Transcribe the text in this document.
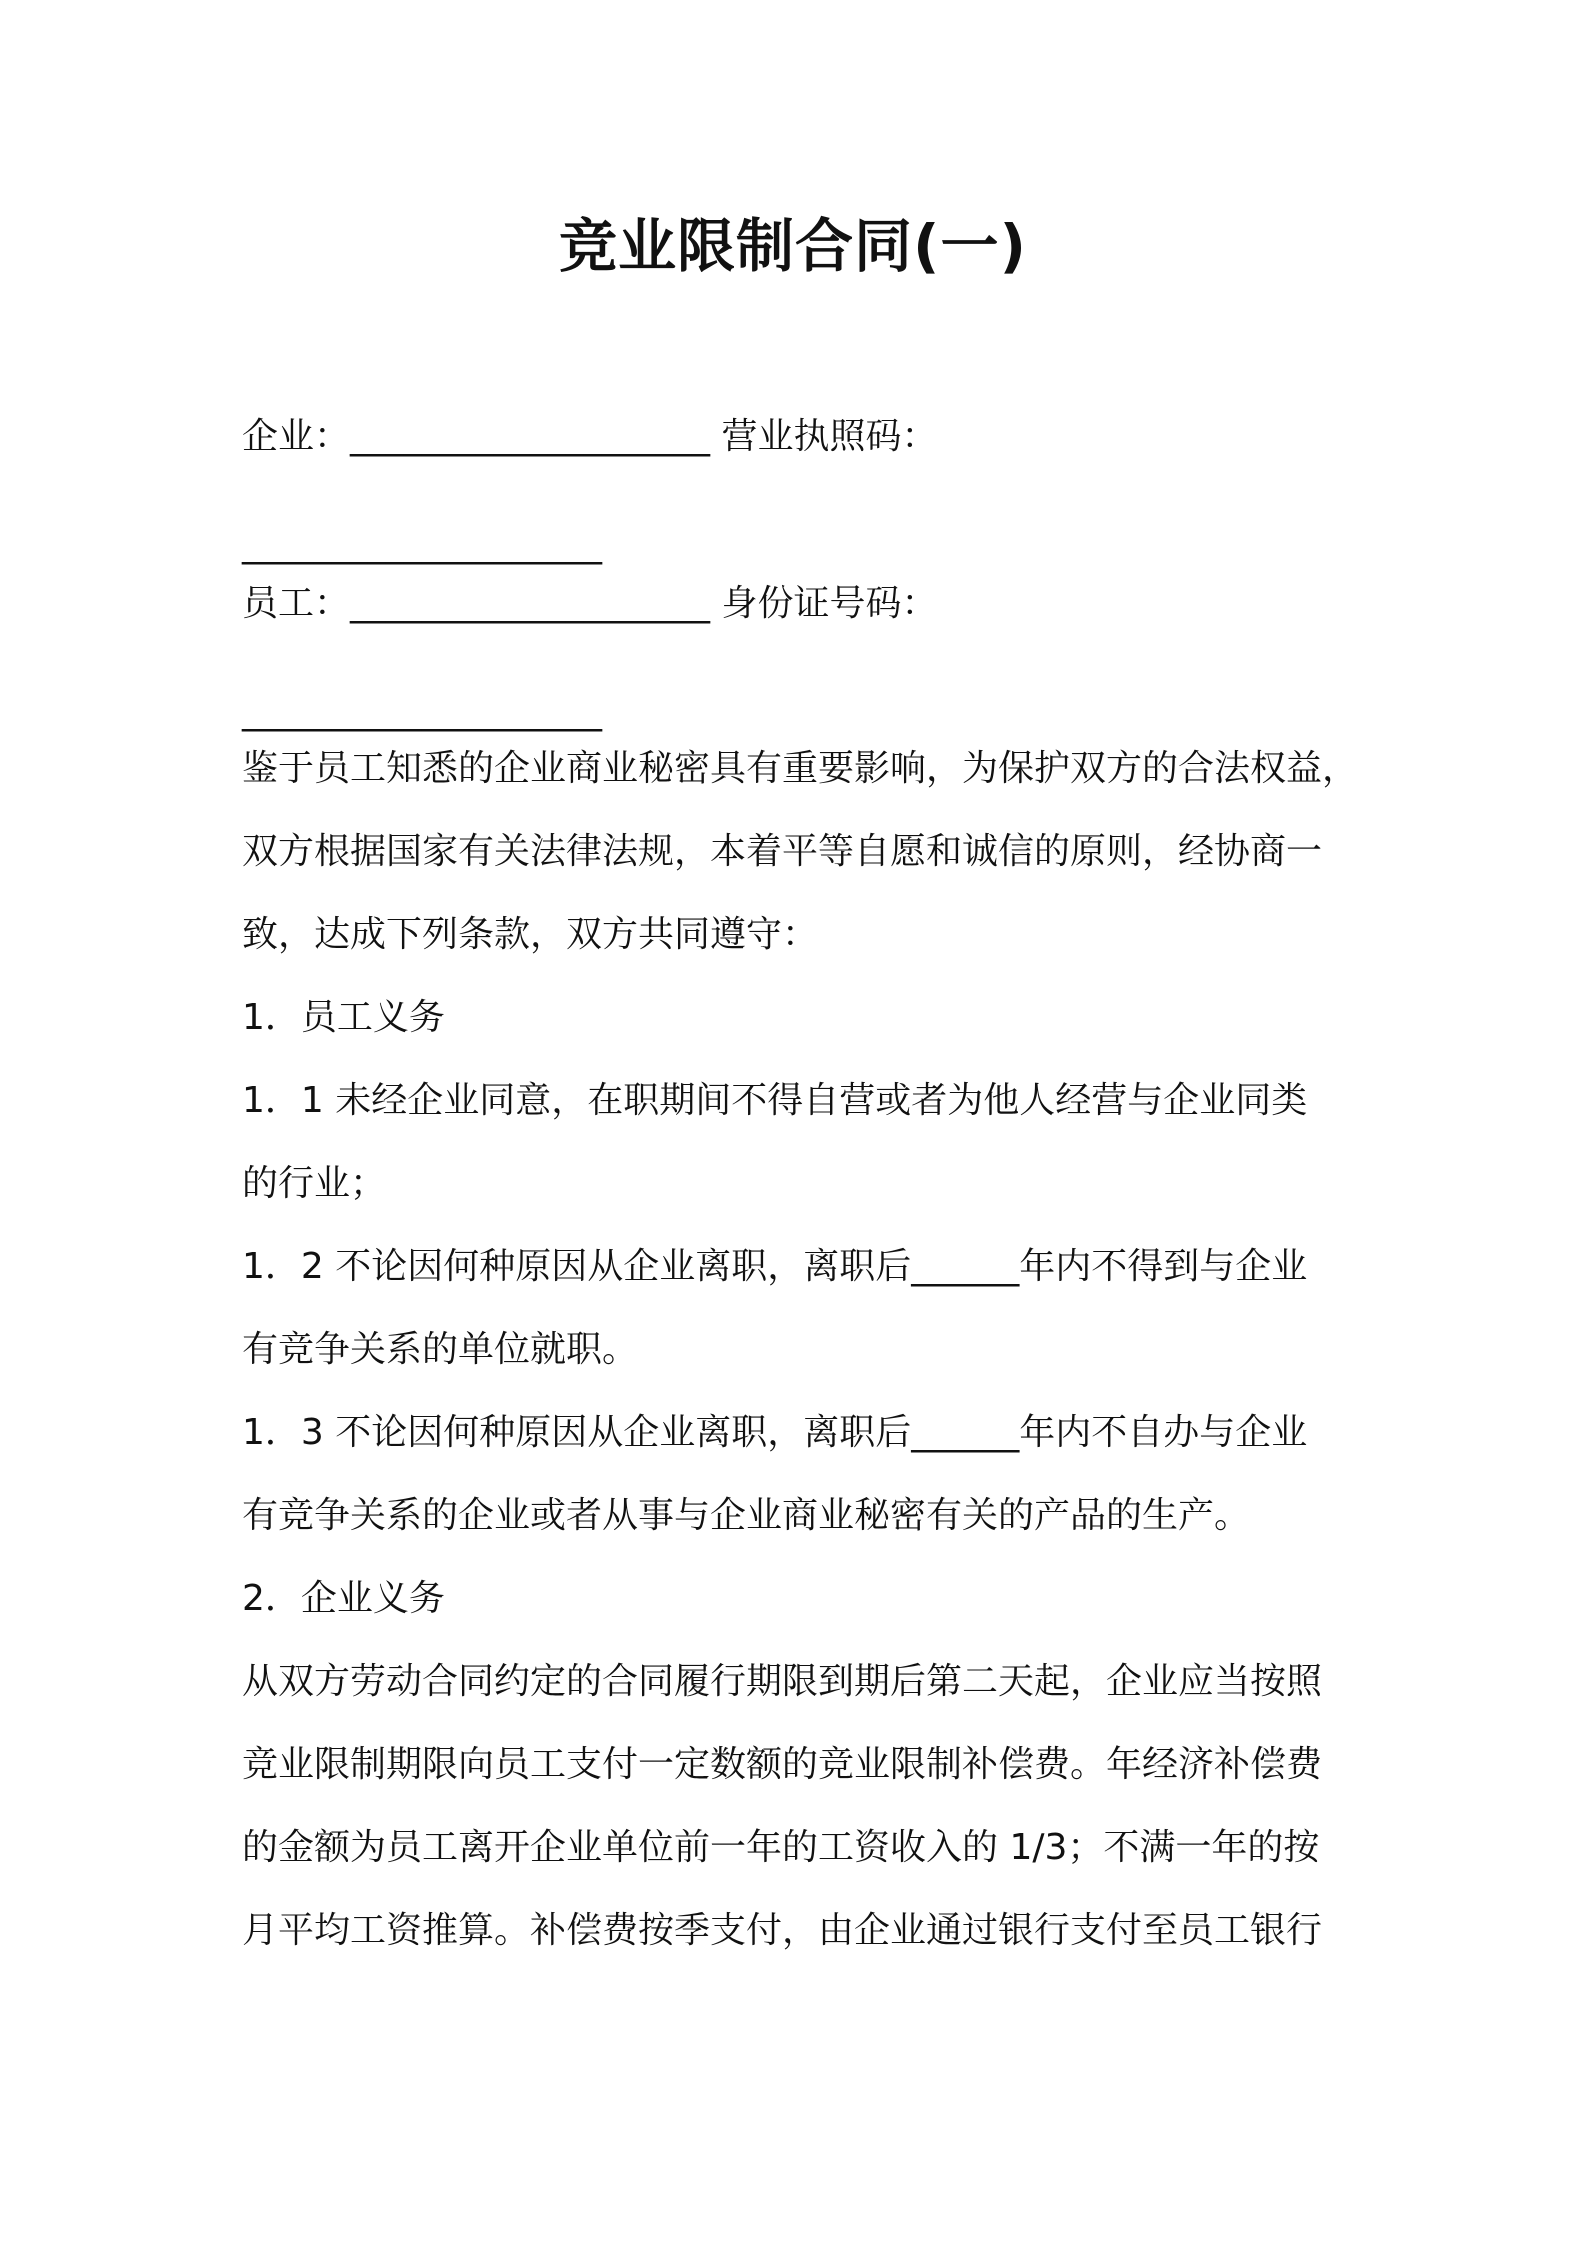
竞业限制合同(一)
企业：____________________ 营业执照码：
____________________
员工：____________________ 身份证号码：
____________________
鉴于员工知悉的企业商业秘密具有重要影响，为保护双方的合法权益，
双方根据国家有关法律法规，本着平等自愿和诚信的原则，经协商一
致，达成下列条款，双方共同遵守：
1．员工义务
1．1 未经企业同意，在职期间不得自营或者为他人经营与企业同类
的行业；
1．2 不论因何种原因从企业离职，离职后______年内不得到与企业
有竞争关系的单位就职。
1．3 不论因何种原因从企业离职，离职后______年内不自办与企业
有竞争关系的企业或者从事与企业商业秘密有关的产品的生产。
2．企业义务
从双方劳动合同约定的合同履行期限到期后第二天起，企业应当按照
竞业限制期限向员工支付一定数额的竞业限制补偿费。年经济补偿费
的金额为员工离开企业单位前一年的工资收入的 1/3；不满一年的按
月平均工资推算。补偿费按季支付，由企业通过银行支付至员工银行
